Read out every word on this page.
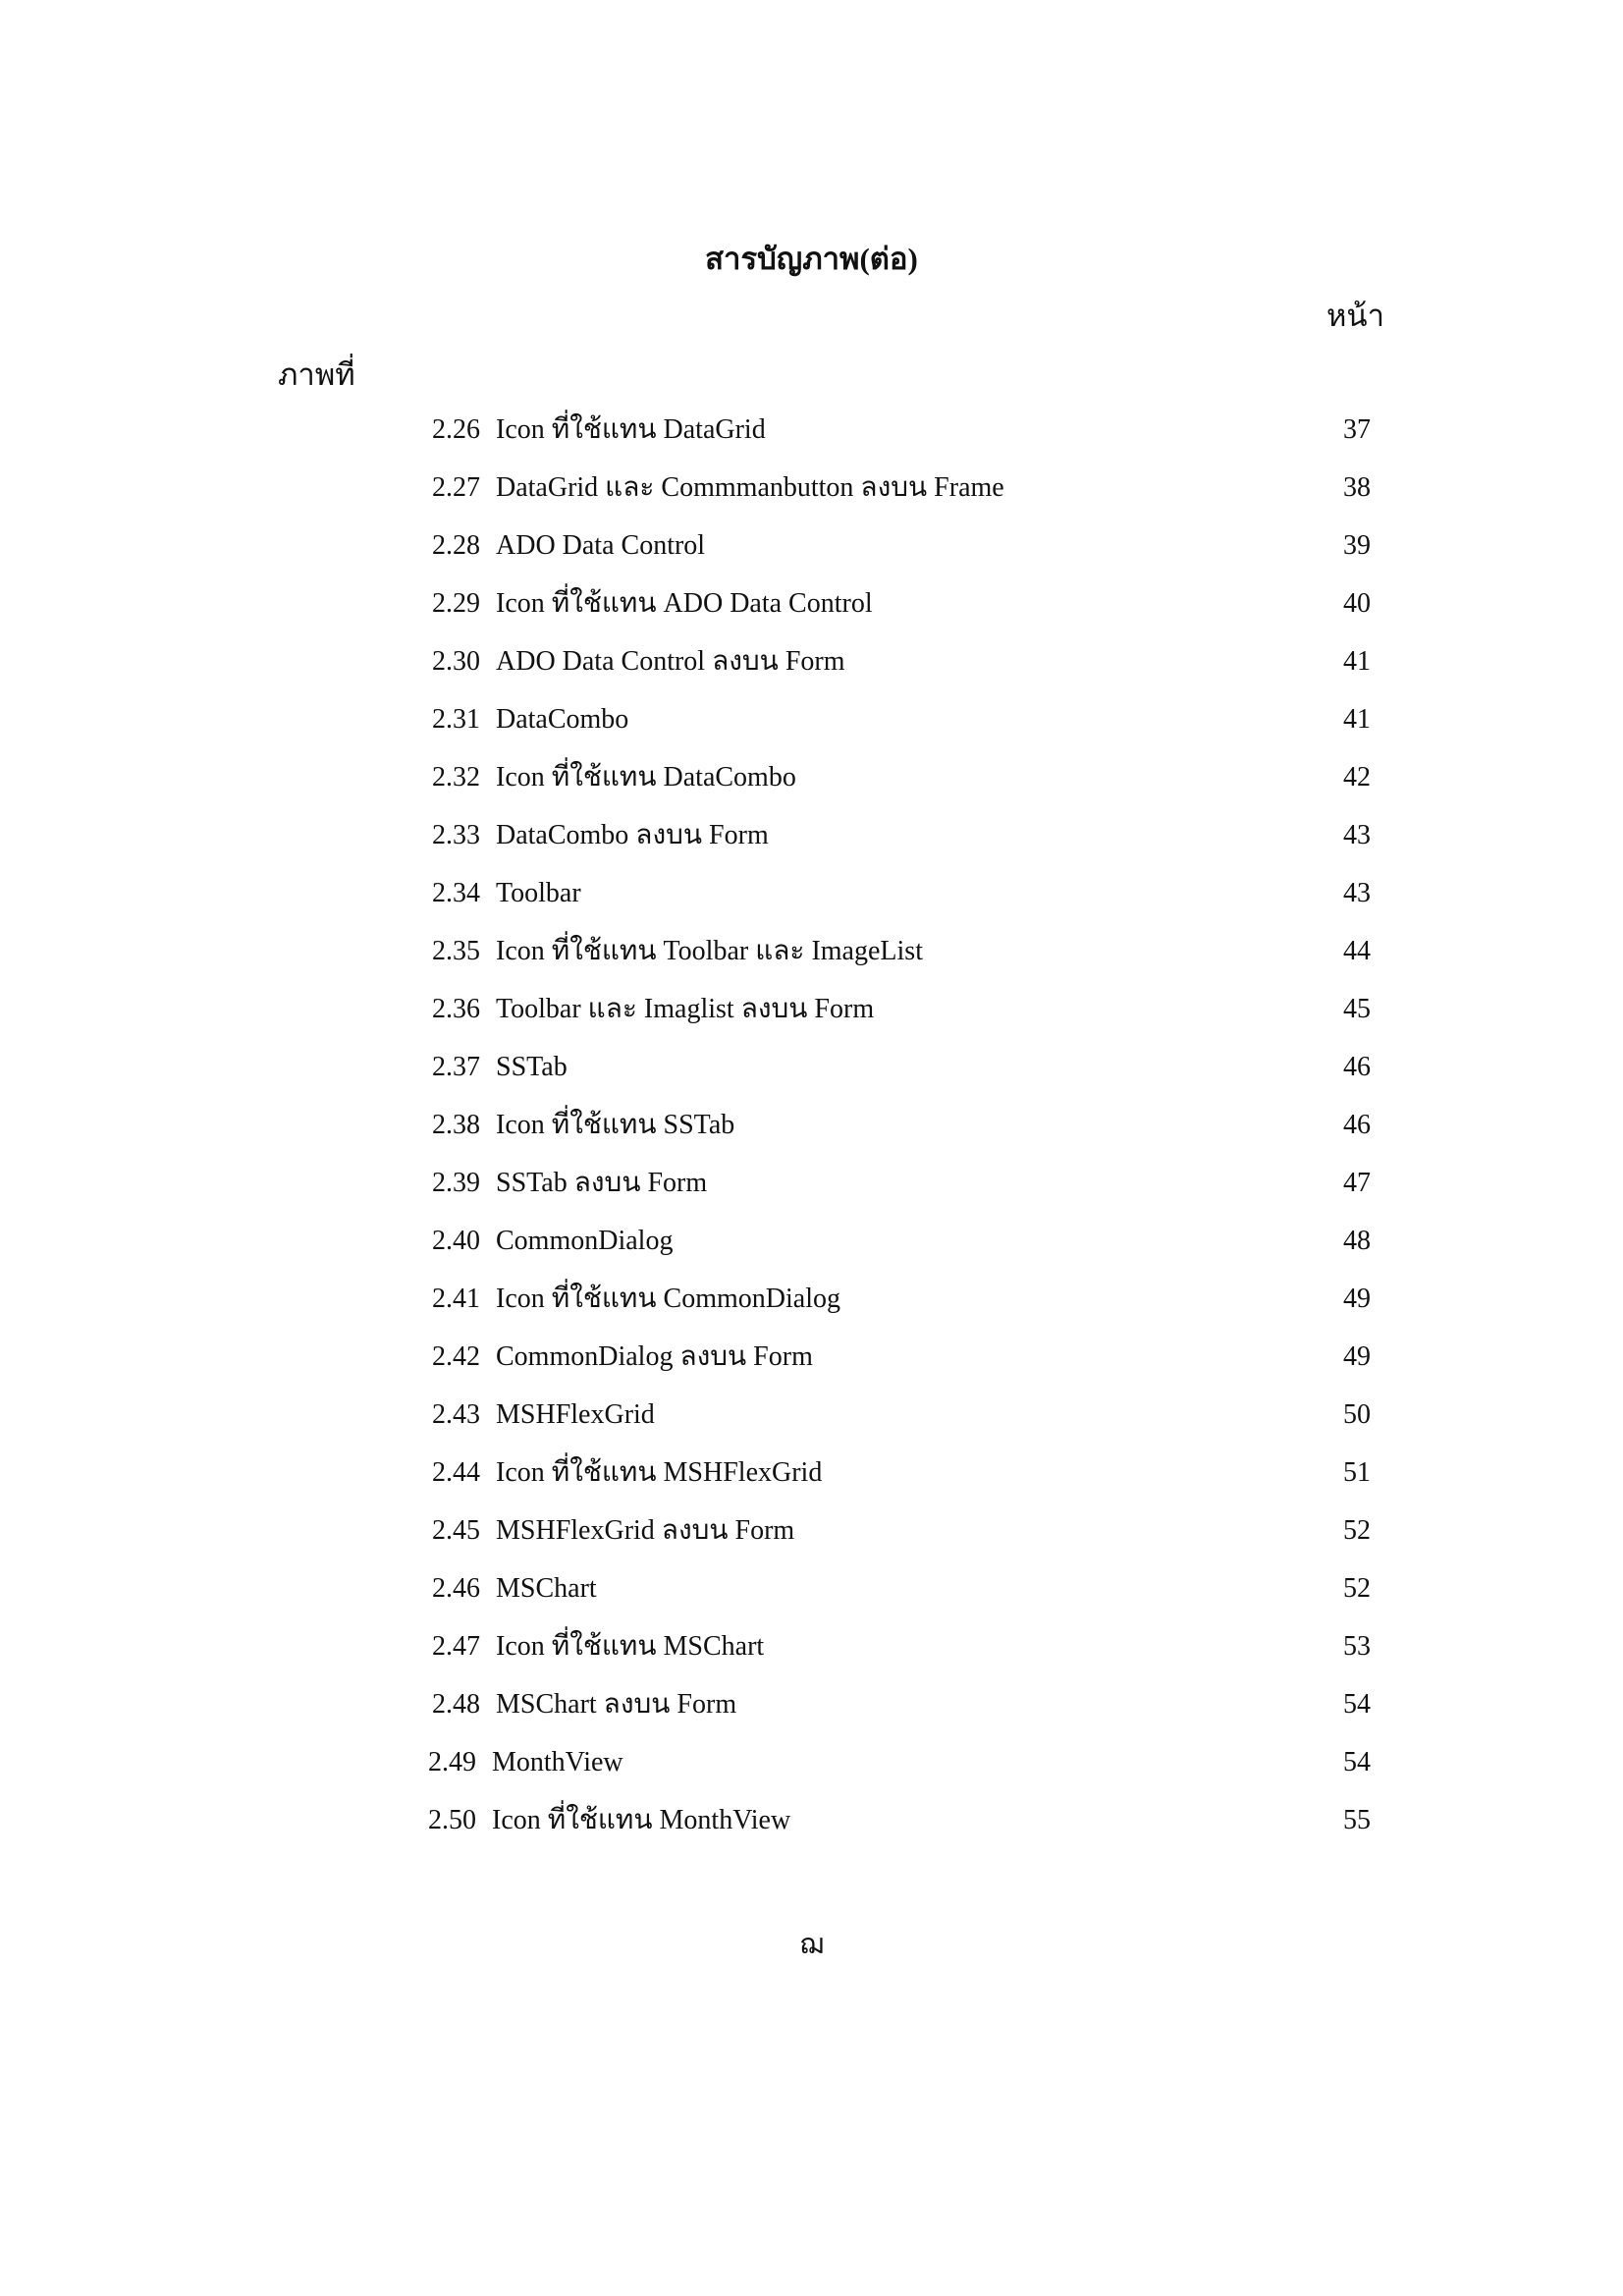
สารบัญภาพ(ต่อ)
หน้า
ภาพที่
2.26 Icon ที่ใช้แทน DataGrid	37
2.27 DataGrid และ Commmanbutton ลงบน Frame	38
2.28 ADO Data Control	39
2.29 Icon ที่ใช้แทน ADO Data Control	40
2.30 ADO Data Control ลงบน Form	41
2.31 DataCombo	41
2.32 Icon ที่ใช้แทน DataCombo	42
2.33 DataCombo ลงบน Form	43
2.34 Toolbar	43
2.35 Icon ที่ใช้แทน Toolbar และ ImageList	44
2.36 Toolbar และ Imaglist ลงบน Form	45
2.37 SSTab	46
2.38 Icon ที่ใช้แทน SSTab	46
2.39 SSTab ลงบน Form	47
2.40 CommonDialog	48
2.41 Icon ที่ใช้แทน CommonDialog	49
2.42 CommonDialog ลงบน Form	49
2.43 MSHFlexGrid	50
2.44 Icon ที่ใช้แทน MSHFlexGrid	51
2.45 MSHFlexGrid ลงบน Form	52
2.46 MSChart	52
2.47 Icon ที่ใช้แทน MSChart	53
2.48 MSChart ลงบน Form	54
2.49 MonthView	54
2.50 Icon ที่ใช้แทน MonthView	55
ฌ
